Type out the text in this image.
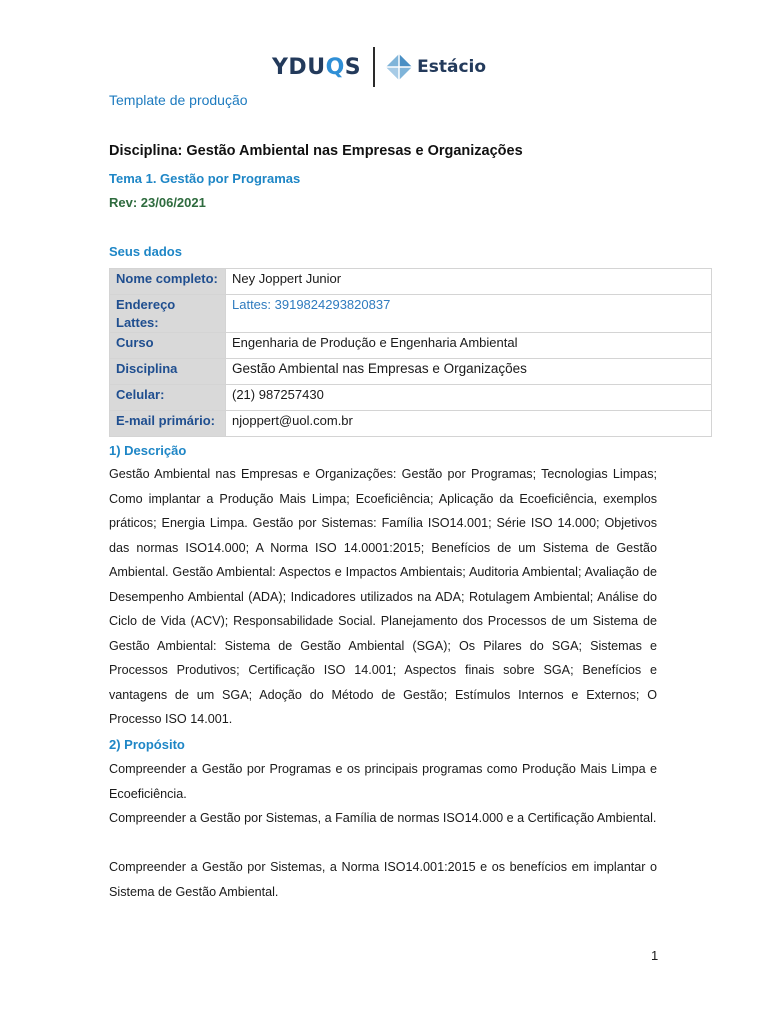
YDUQS	Estácio
Template de produção
Disciplina: Gestão Ambiental nas Empresas e Organizações
Tema 1. Gestão por Programas
Rev: 23/06/2021
Seus dados
Nome completo:	Ney Joppert Junior
Endereço Lattes:	Lattes: 3919824293820837
Curso	Engenharia de Produção e Engenharia Ambiental
Disciplina	Gestão Ambiental nas Empresas e Organizações
Celular:	(21) 987257430
E-mail primário:	njoppert@uol.com.br
1) Descrição

Gestão Ambiental nas Empresas e Organizações: Gestão por Programas; Tecnologias Limpas; Como implantar a Produção Mais Limpa; Ecoeficiência; Aplicação da Ecoeficiência, exemplos práticos; Energia Limpa. Gestão por Sistemas: Família ISO14.001; Série ISO 14.000; Objetivos das normas ISO14.000; A Norma ISO 14.0001:2015; Benefícios de um Sistema de Gestão Ambiental. Gestão Ambiental: Aspectos e Impactos Ambientais; Auditoria Ambiental; Avaliação de Desempenho Ambiental (ADA); Indicadores utilizados na ADA; Rotulagem Ambiental; Análise do Ciclo de Vida (ACV); Responsabilidade Social. Planejamento dos Processos de um Sistema de Gestão Ambiental: Sistema de Gestão Ambiental (SGA); Os Pilares do SGA; Sistemas e Processos Produtivos; Certificação ISO 14.001; Aspectos finais sobre SGA; Benefícios e vantagens de um SGA; Adoção do Método de Gestão; Estímulos Internos e Externos; O Processo ISO 14.001.

2) Propósito

Compreender a Gestão por Programas e os principais programas como Produção Mais Limpa e Ecoeficiência.

Compreender a Gestão por Sistemas, a Família de normas ISO14.000 e a Certificação Ambiental.

Compreender a Gestão por Sistemas, a Norma ISO14.001:2015 e os benefícios em implantar o Sistema de Gestão Ambiental.

1
